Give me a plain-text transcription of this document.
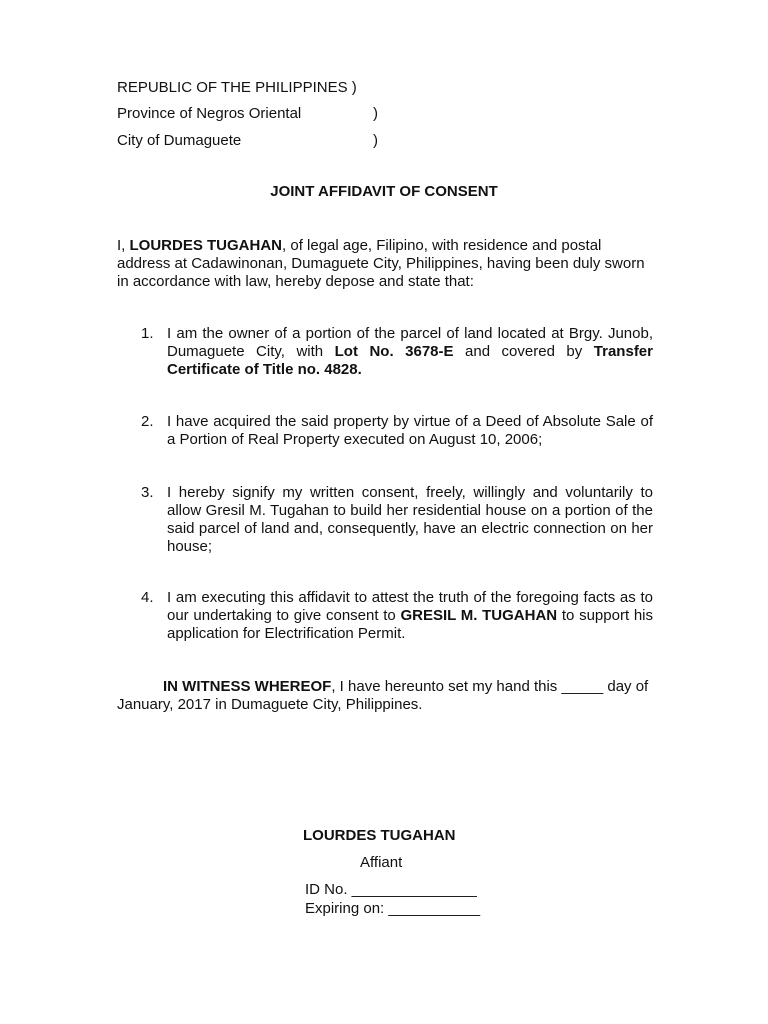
REPUBLIC OF THE PHILIPPINES )
Province of Negros Oriental	)
City of Dumaguete	)
JOINT AFFIDAVIT OF CONSENT
I, LOURDES TUGAHAN, of legal age, Filipino, with residence and postal address at Cadawinonan, Dumaguete City, Philippines, having been duly sworn in accordance with law, hereby depose and state that:
1. I am the owner of a portion of the parcel of land located at Brgy. Junob, Dumaguete City, with Lot No. 3678-E and covered by Transfer Certificate of Title no. 4828.
2. I have acquired the said property by virtue of a Deed of Absolute Sale of a Portion of Real Property executed on August 10, 2006;
3. I hereby signify my written consent, freely, willingly and voluntarily to allow Gresil M. Tugahan to build her residential house on a portion of the said parcel of land and, consequently, have an electric connection on her house;
4. I am executing this affidavit to attest the truth of the foregoing facts as to our undertaking to give consent to GRESIL M. TUGAHAN to support his application for Electrification Permit.
IN WITNESS WHEREOF, I have hereunto set my hand this _____ day of January, 2017 in Dumaguete City, Philippines.
LOURDES TUGAHAN
Affiant
ID No. _______________
Expiring on: ___________
